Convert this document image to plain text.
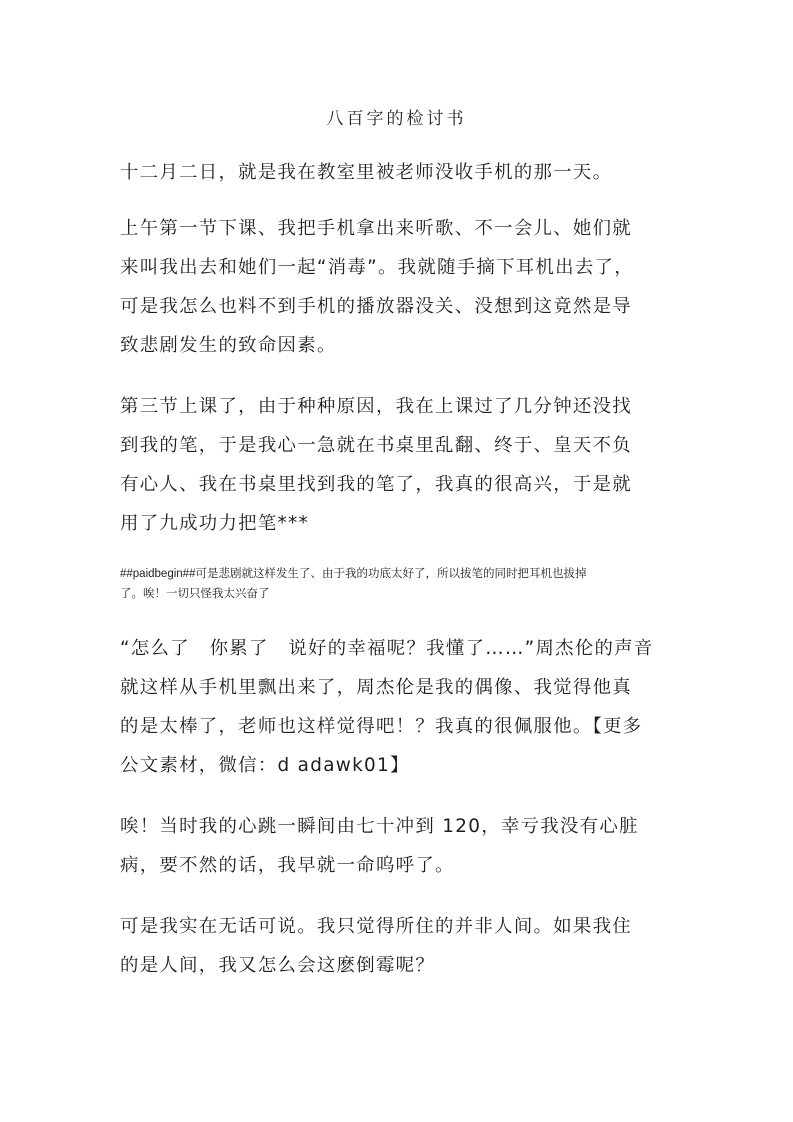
八百字的检讨书

十二月二日，就是我在教室里被老师没收手机的那一天。

上午第一节下课、我把手机拿出来听歌、不一会儿、她们就
来叫我出去和她们一起“消毒”。我就随手摘下耳机出去了，
可是我怎么也料不到手机的播放器没关、没想到这竟然是导
致悲剧发生的致命因素。

第三节上课了，由于种种原因，我在上课过了几分钟还没找
到我的笔，于是我心一急就在书桌里乱翻、终于、皇天不负
有心人、我在书桌里找到我的笔了，我真的很高兴，于是就
用了九成功力把笔***

##paidbegin##可是悲剧就这样发生了、由于我的功底太好了，所以拔笔的同时把耳机也拔掉
了。唉！一切只怪我太兴奋了

“怎么了　你累了　说好的幸福呢？我懂了……”周杰伦的声音
就这样从手机里飘出来了，周杰伦是我的偶像、我觉得他真
的是太棒了，老师也这样觉得吧！？我真的很佩服他。【更多
公文素材，微信：d adawk01】

唉！当时我的心跳一瞬间由七十冲到 120，幸亏我没有心脏
病，要不然的话，我早就一命呜呼了。

可是我实在无话可说。我只觉得所住的并非人间。如果我住
的是人间，我又怎么会这麽倒霉呢？
